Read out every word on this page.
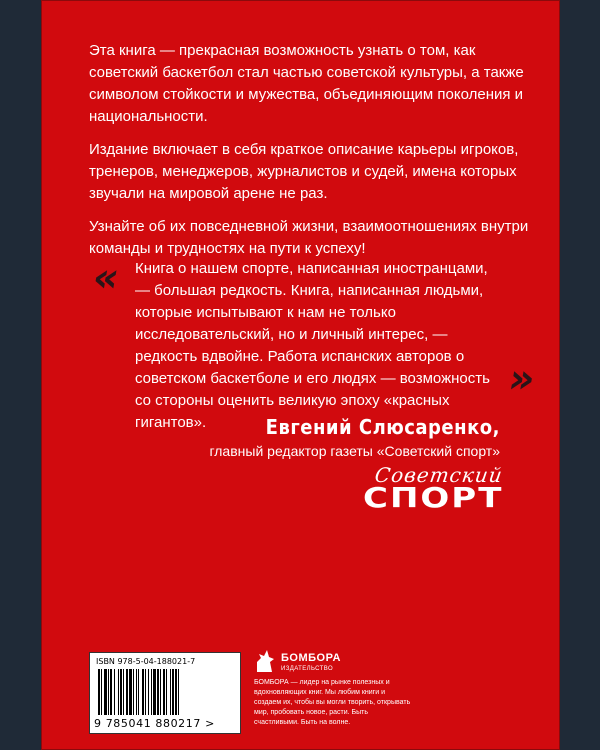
Эта книга — прекрасная возможность узнать о том, как советский баскетбол стал частью советской культуры, а также символом стойкости и мужества, объединяющим поколения и национальности.

Издание включает в себя краткое описание карьеры игроков, тренеров, менеджеров, журналистов и судей, имена которых звучали на мировой арене не раз.

Узнайте об их повседневной жизни, взаимоотношениях внутри команды и трудностях на пути к успеху!

« Книга о нашем спорте, написанная иностранцами, — большая редкость. Книга, написанная людьми, которые испытывают к нам не только исследовательский, но и личный интерес, — редкость вдвойне. Работа испанских авторов о советском баскетболе и его людях — возможность со стороны оценить великую эпоху «красных гигантов».
»
Евгений Слюсаренко,
главный редактор газеты «Советский спорт»
Советский
СПОРТ
ISBN 978-5-04-188021-7
9 785041 880217 >
БОМБОРА
ИЗДАТЕЛЬСТВО
БОМБОРА — лидер на рынке полезных и вдохновляющих книг. Мы любим книги и создаем их, чтобы вы могли творить, открывать мир, пробовать новое, расти. Быть счастливыми. Быть на волне.
